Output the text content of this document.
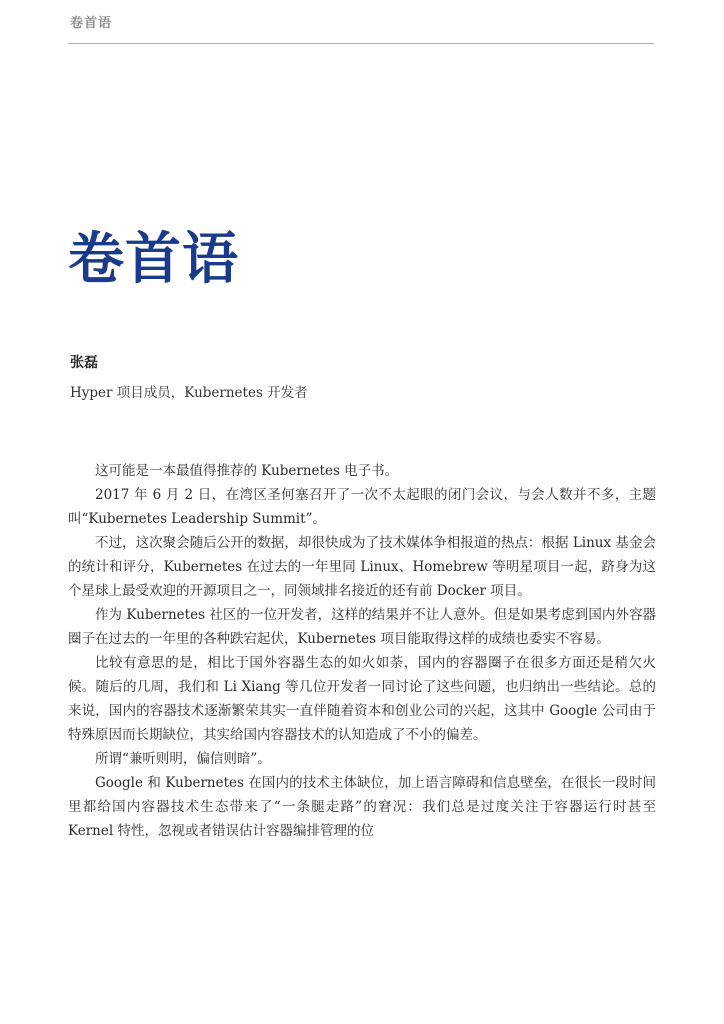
卷首语
卷首语
张磊
Hyper 项目成员，Kubernetes 开发者

这可能是一本最值得推荐的 Kubernetes 电子书。

2017 年 6 月 2 日，在湾区圣何塞召开了一次不太起眼的闭门会议，与会人数并不多，主题叫“Kubernetes Leadership Summit”。

不过，这次聚会随后公开的数据，却很快成为了技术媒体争相报道的热点：根据 Linux 基金会的统计和评分，Kubernetes 在过去的一年里同 Linux、Homebrew 等明星项目一起，跻身为这个星球上最受欢迎的开源项目之一，同领域排名接近的还有前 Docker 项目。

作为 Kubernetes 社区的一位开发者，这样的结果并不让人意外。但是如果考虑到国内外容器圈子在过去的一年里的各种跌宕起伏，Kubernetes 项目能取得这样的成绩也委实不容易。

比较有意思的是，相比于国外容器生态的如火如荼，国内的容器圈子在很多方面还是稍欠火候。随后的几周，我们和 Li Xiang 等几位开发者一同讨论了这些问题，也归纳出一些结论。总的来说，国内的容器技术逐渐繁荣其实一直伴随着资本和创业公司的兴起，这其中 Google 公司由于特殊原因而长期缺位，其实给国内容器技术的认知造成了不小的偏差。

所谓“兼听则明，偏信则暗”。

Google 和 Kubernetes 在国内的技术主体缺位，加上语言障碍和信息壁垒，在很长一段时间里都给国内容器技术生态带来了“一条腿走路”的窘况：我们总是过度关注于容器运行时甚至 Kernel 特性，忽视或者错误估计容器编排管理的位
